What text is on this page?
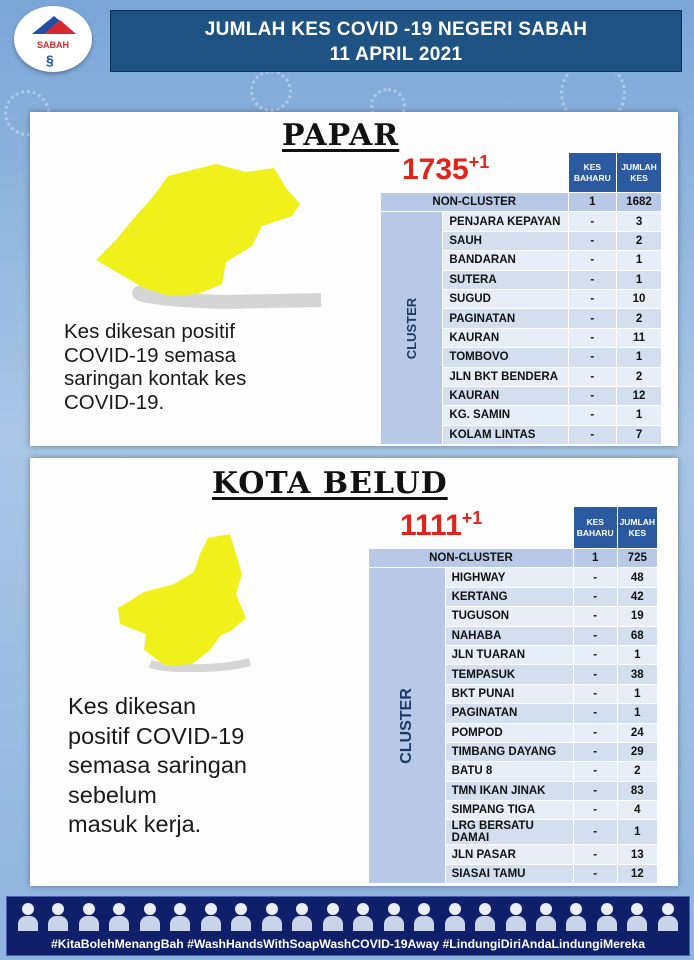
SABAH
§
JUMLAH KES COVID -19 NEGERI SABAH
11 APRIL 2021
PAPAR
$1735^{+1}$
Kes dikesan positif
COVID-19 semasa
saringan kontak kes
COVID-19.
		KES BAHARU	JUMLAH KES
NON-CLUSTER		1	1682
CLUSTER	PENJARA KEPAYAN	-	3
	SAUH	-	2
	BANDARAN	-	1
	SUTERA	-	1
	SUGUD	-	10
	PAGINATAN	-	2
	KAURAN	-	11
	TOMBOVO	-	1
	JLN BKT BENDERA	-	2
	KAURAN	-	12
	KG. SAMIN	-	1
	KOLAM LINTAS	-	7
KOTA BELUD
$1111^{+1}$
Kes dikesan
positif COVID-19
semasa saringan
sebelum
masuk kerja.
		KES BAHARU	JUMLAH KES
NON-CLUSTER		1	725
CLUSTER	HIGHWAY	-	48
	KERTANG	-	42
	TUGUSON	-	19
	NAHABA	-	68
	JLN TUARAN	-	1
	TEMPASUK	-	38
	BKT PUNAI	-	1
	PAGINATAN	-	1
	POMPOD	-	24
	TIMBANG DAYANG	-	29
	BATU 8	-	2
	TMN IKAN JINAK	-	83
	SIMPANG TIGA	-	4
	LRG BERSATU DAMAI	-	1
	JLN PASAR	-	13
	SIASAI TAMU	-	12
#KitaBolehMenangBah #WashHandsWithSoapWashCOVID-19Away #LindungiDiriAndaLindungiMereka
